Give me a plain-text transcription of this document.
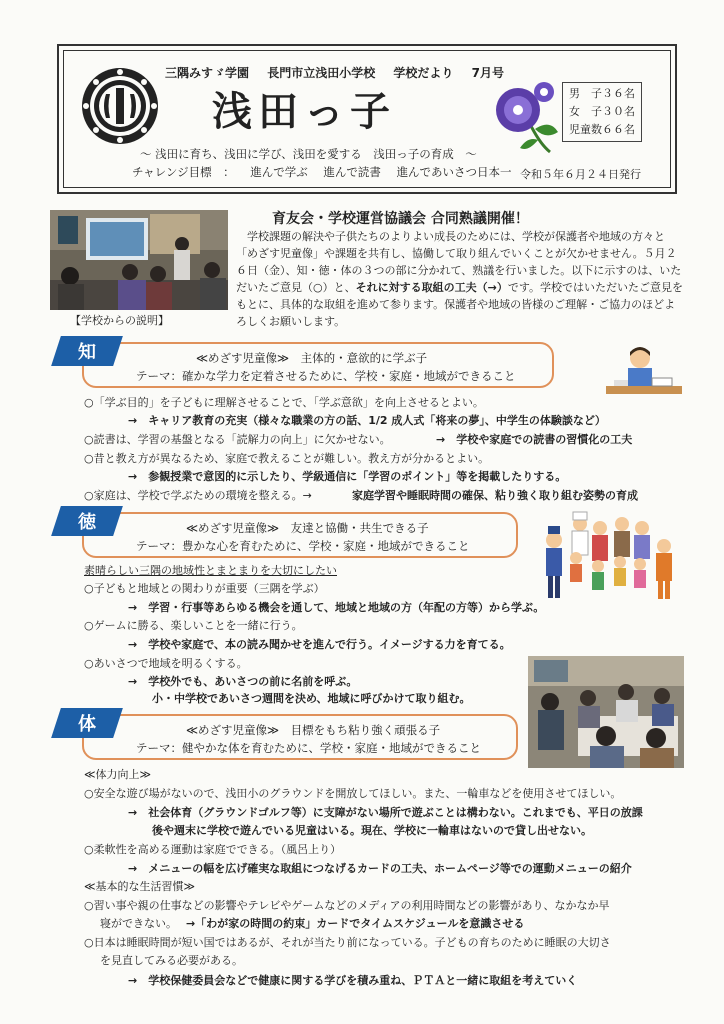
三隅みすゞ学園 長門市立浅田小学校 学校だより 7月号
浅田っ子	男　子３６名
女　子３０名
児童数６６名
～ 浅田に育ち、浅田に学び、浅田を愛する　浅田っ子の育成　～
チャレンジ目標　： 進んで学ぶ 進んで読書 進んであいさつ日本一 令和５年６月２４日発行
【学校からの説明】
育友会・学校運営協議会 合同熟議開催！
学校課題の解決や子供たちのよりよい成長のためには、学校が保護者や地域の方々と「めざす児童像」や課題を共有し、協働して取り組んでいくことが欠かせません。５月２６日（金）、知・徳・体の３つの部に分かれて、熟議を行いました。以下に示すのは、いただいたご意見（○）と、それに対する取組の工夫（→）です。学校ではいただいたご意見をもとに、具体的な取組を進めて参ります。保護者や地域の皆様のご理解・ご協力のほどよろしくお願いします。
知	≪めざす児童像≫　主体的・意欲的に学ぶ子
テーマ：確かな学力を定着させるために、学校・家庭・地域ができること
○「学ぶ目的」を子どもに理解させることで、「学ぶ意欲」を向上させるとよい。
→　キャリア教育の充実（様々な職業の方の話、1/2 成人式「将来の夢」、中学生の体験談など）
○読書は、学習の基盤となる「読解力の向上」に欠かせない。	→　学校や家庭での読書の習慣化の工夫
○昔と教え方が異なるため、家庭で教えることが難しい。教え方が分かるとよい。
→　参観授業で意図的に示したり、学級通信に「学習のポイント」等を掲載したりする。
○家庭は、学校で学ぶための環境を整える。→　	家庭学習や睡眠時間の確保、粘り強く取り組む姿勢の育成
徳	≪めざす児童像≫　友達と協働・共生できる子
テーマ：豊かな心を育むために、学校・家庭・地域ができること
素晴らしい三隅の地域性とまとまりを大切にしたい
○子どもと地域との関わりが重要（三隅を学ぶ）
→　学習・行事等あらゆる機会を通して、地域と地域の方（年配の方等）から学ぶ。
○ゲームに勝る、楽しいことを一緒に行う。
→　学校や家庭で、本の読み聞かせを進んで行う。イメージする力を育てる。
○あいさつで地域を明るくする。
→　学校外でも、あいさつの前に名前を呼ぶ。
小・中学校であいさつ週間を決め、地域に呼びかけて取り組む。
体	≪めざす児童像≫　目標をもち粘り強く頑張る子
テーマ：健やかな体を育むために、学校・家庭・地域ができること
≪体力向上≫
○安全な遊び場がないので、浅田小のグラウンドを開放してほしい。また、一輪車などを使用させてほしい。
→　社会体育（グラウンドゴルフ等）に支障がない場所で遊ぶことは構わない。これまでも、平日の放課
後や週末に学校で遊んでいる児童はいる。現在、学校に一輪車はないので貸し出せない。
○柔軟性を高める運動は家庭でできる。（風呂上り）
→　メニューの幅を広げ確実な取組につなげるカードの工夫、ホームページ等での運動メニューの紹介
≪基本的な生活習慣≫
○習い事や親の仕事などの影響やテレビやゲームなどのメディアの利用時間などの影響があり、なかなか早
寝ができない。 →「わが家の時間の約束」カードでタイムスケジュールを意識させる
○日本は睡眠時間が短い国ではあるが、それが当たり前になっている。子どもの育ちのために睡眠の大切さ
を見直してみる必要がある。
→　学校保健委員会などで健康に関する学びを積み重ね、ＰＴＡと一緒に取組を考えていく
